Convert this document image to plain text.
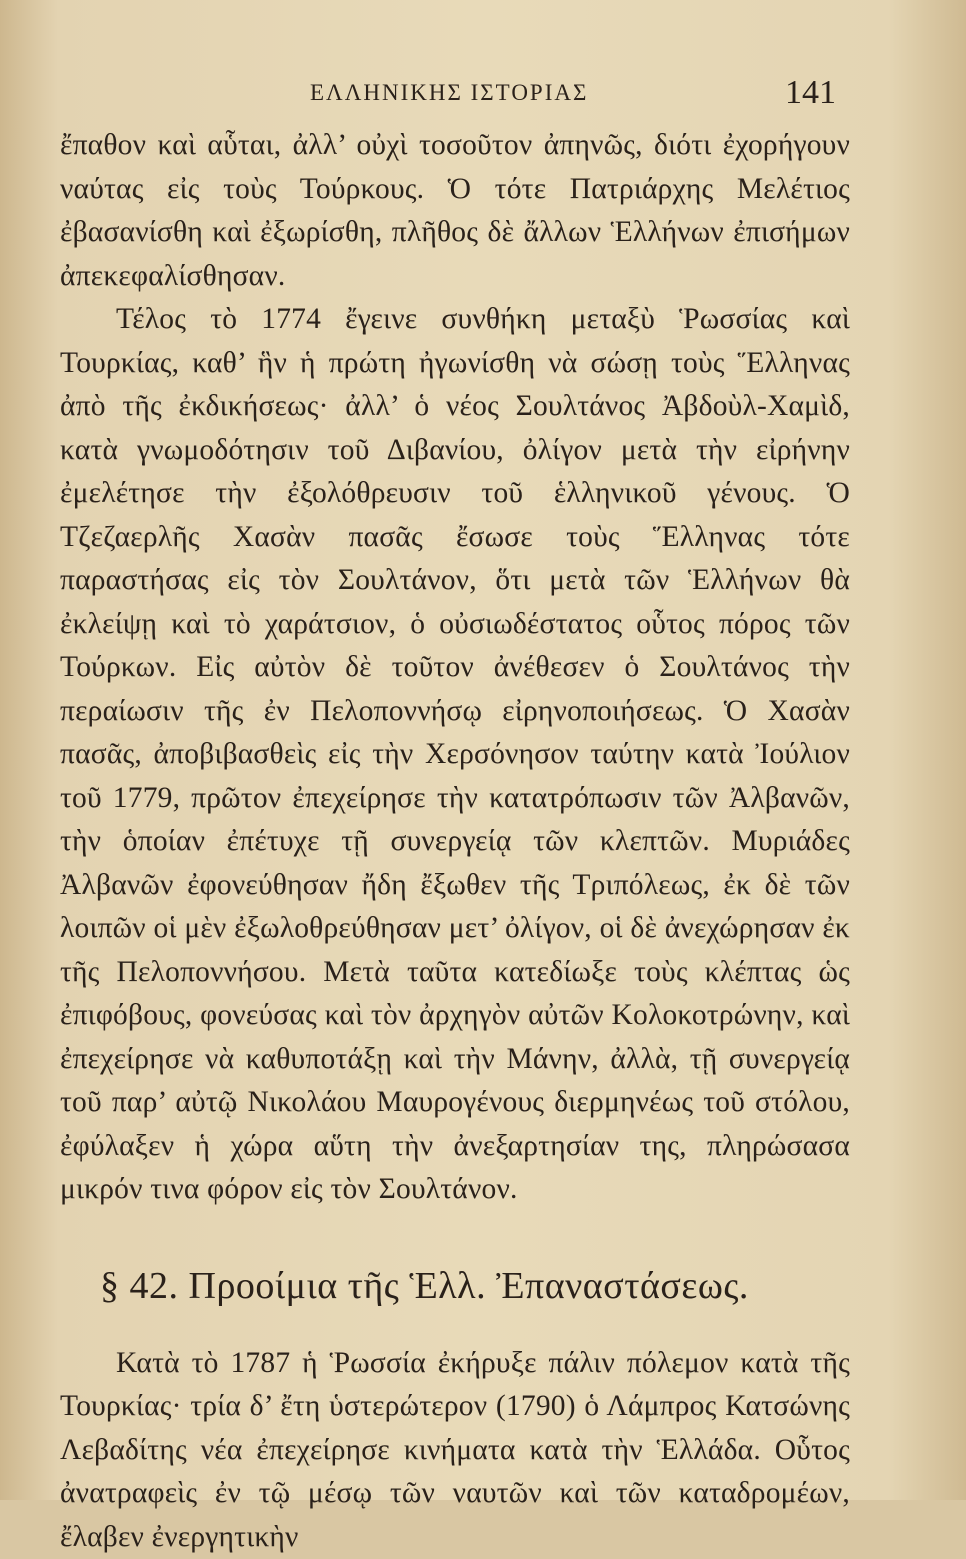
ΕΛΛΗΝΙΚΗΣ ΙΣΤΟΡΙΑΣ	141

ἔπαθον καὶ αὗται, ἀλλ’ οὐχὶ τοσοῦτον ἀπηνῶς, διότι ἐχορήγουν ναύτας εἰς τοὺς Τούρκους. Ὁ τότε Πατριάρχης Μελέτιος ἐβασανίσθη καὶ ἐξωρίσθη, πλῆθος δὲ ἄλλων Ἑλλήνων ἐπισήμων ἀπεκεφαλίσθησαν.

Τέλος τὸ 1774 ἔγεινε συνθήκη μεταξὺ Ῥωσσίας καὶ Τουρκίας, καθ’ ἣν ἡ πρώτη ἠγωνίσθη νὰ σώσῃ τοὺς Ἕλληνας ἀπὸ τῆς ἐκδικήσεως· ἀλλ’ ὁ νέος Σουλτάνος Ἀβδοὺλ-Χαμὶδ, κατὰ γνωμοδότησιν τοῦ Διβανίου, ὀλίγον μετὰ τὴν εἰρήνην ἐμελέτησε τὴν ἐξολόθρευσιν τοῦ ἑλληνικοῦ γένους. Ὁ Τζεζαερλῆς Χασὰν πασᾶς ἔσωσε τοὺς Ἕλληνας τότε παραστήσας εἰς τὸν Σουλτάνον, ὅτι μετὰ τῶν Ἑλλήνων θὰ ἐκλείψῃ καὶ τὸ χαράτσιον, ὁ οὐσιωδέστατος οὗτος πόρος τῶν Τούρκων. Εἰς αὐτὸν δὲ τοῦτον ἀνέθεσεν ὁ Σουλτάνος τὴν περαίωσιν τῆς ἐν Πελοποννήσῳ εἰρηνοποιήσεως. Ὁ Χασὰν πασᾶς, ἀποβιβασθεὶς εἰς τὴν Χερσόνησον ταύτην κατὰ Ἰούλιον τοῦ 1779, πρῶτον ἐπεχείρησε τὴν κατατρόπωσιν τῶν Ἀλβανῶν, τὴν ὁποίαν ἐπέτυχε τῇ συνεργείᾳ τῶν κλεπτῶν. Μυριάδες Ἀλβανῶν ἐφονεύθησαν ἤδη ἔξωθεν τῆς Τριπόλεως, ἐκ δὲ τῶν λοιπῶν οἱ μὲν ἐξωλοθρεύθησαν μετ’ ὀλίγον, οἱ δὲ ἀνεχώρησαν ἐκ τῆς Πελοποννήσου. Μετὰ ταῦτα κατεδίωξε τοὺς κλέπτας ὡς ἐπιφόβους, φονεύσας καὶ τὸν ἀρχηγὸν αὐτῶν Κολοκοτρώνην, καὶ ἐπεχείρησε νὰ καθυποτάξῃ καὶ τὴν Μάνην, ἀλλὰ, τῇ συνεργείᾳ τοῦ παρ’ αὐτῷ Νικολάου Μαυρογένους διερμηνέως τοῦ στόλου, ἐφύλαξεν ἡ χώρα αὕτη τὴν ἀνεξαρτησίαν της, πληρώσασα μικρόν τινα φόρον εἰς τὸν Σουλτάνον.

§ 42. Προοίμια τῆς Ἑλλ. Ἐπαναστάσεως.

Κατὰ τὸ 1787 ἡ Ῥωσσία ἐκήρυξε πάλιν πόλεμον κατὰ τῆς Τουρκίας· τρία δ’ ἔτη ὑστερώτερον (1790) ὁ Λάμπρος Κατσώνης Λεβαδίτης νέα ἐπεχείρησε κινήματα κατὰ τὴν Ἑλλάδα. Οὗτος ἀνατραφεὶς ἐν τῷ μέσῳ τῶν ναυτῶν καὶ τῶν καταδρομέων, ἔλαβεν ἐνεργητικὴν
